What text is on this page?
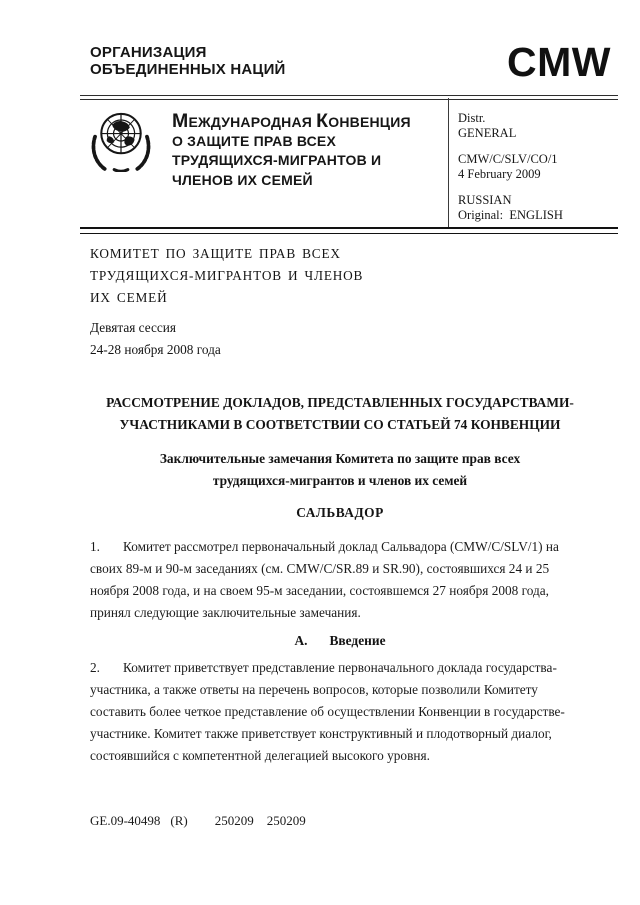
ОРГАНИЗАЦИЯ
ОБЪЕДИНЕННЫХ НАЦИЙ	CMW
МЕЖДУНАРОДНАЯ КОНВЕНЦИЯ
О ЗАЩИТЕ ПРАВ ВСЕХ
ТРУДЯЩИХСЯ-МИГРАНТОВ И
ЧЛЕНОВ ИХ СЕМЕЙ
Distr.
GENERAL
CMW/C/SLV/CO/1
4 February 2009
RUSSIAN
Original:  ENGLISH
КОМИТЕТ ПО ЗАЩИТЕ ПРАВ ВСЕХ
ТРУДЯЩИХСЯ-МИГРАНТОВ И ЧЛЕНОВ
ИХ СЕМЕЙ
Девятая сессия
24-28 ноября 2008 года
РАССМОТРЕНИЕ ДОКЛАДОВ, ПРЕДСТАВЛЕННЫХ ГОСУДАРСТВАМИ-
УЧАСТНИКАМИ В СООТВЕТСТВИИ СО СТАТЬЕЙ 74 КОНВЕНЦИИ
Заключительные замечания Комитета по защите прав всех
трудящихся-мигрантов и членов их семей
САЛЬВАДОР
1. Комитет рассмотрел первоначальный доклад Сальвадора (CMW/C/SLV/1) на своих 89-м и 90-м заседаниях (см. CMW/C/SR.89 и SR.90), состоявшихся 24 и 25 ноября 2008 года, и на своем 95-м заседании, состоявшемся 27 ноября 2008 года, принял следующие заключительные замечания.
A. Введение
2. Комитет приветствует представление первоначального доклада государства-участника, а также ответы на перечень вопросов, которые позволили Комитету составить более четкое представление об осуществлении Конвенции в государстве-участнике. Комитет также приветствует конструктивный и плодотворный диалог, состоявшийся с компетентной делегацией высокого уровня.
GE.09-40498 (R) 250209 250209
